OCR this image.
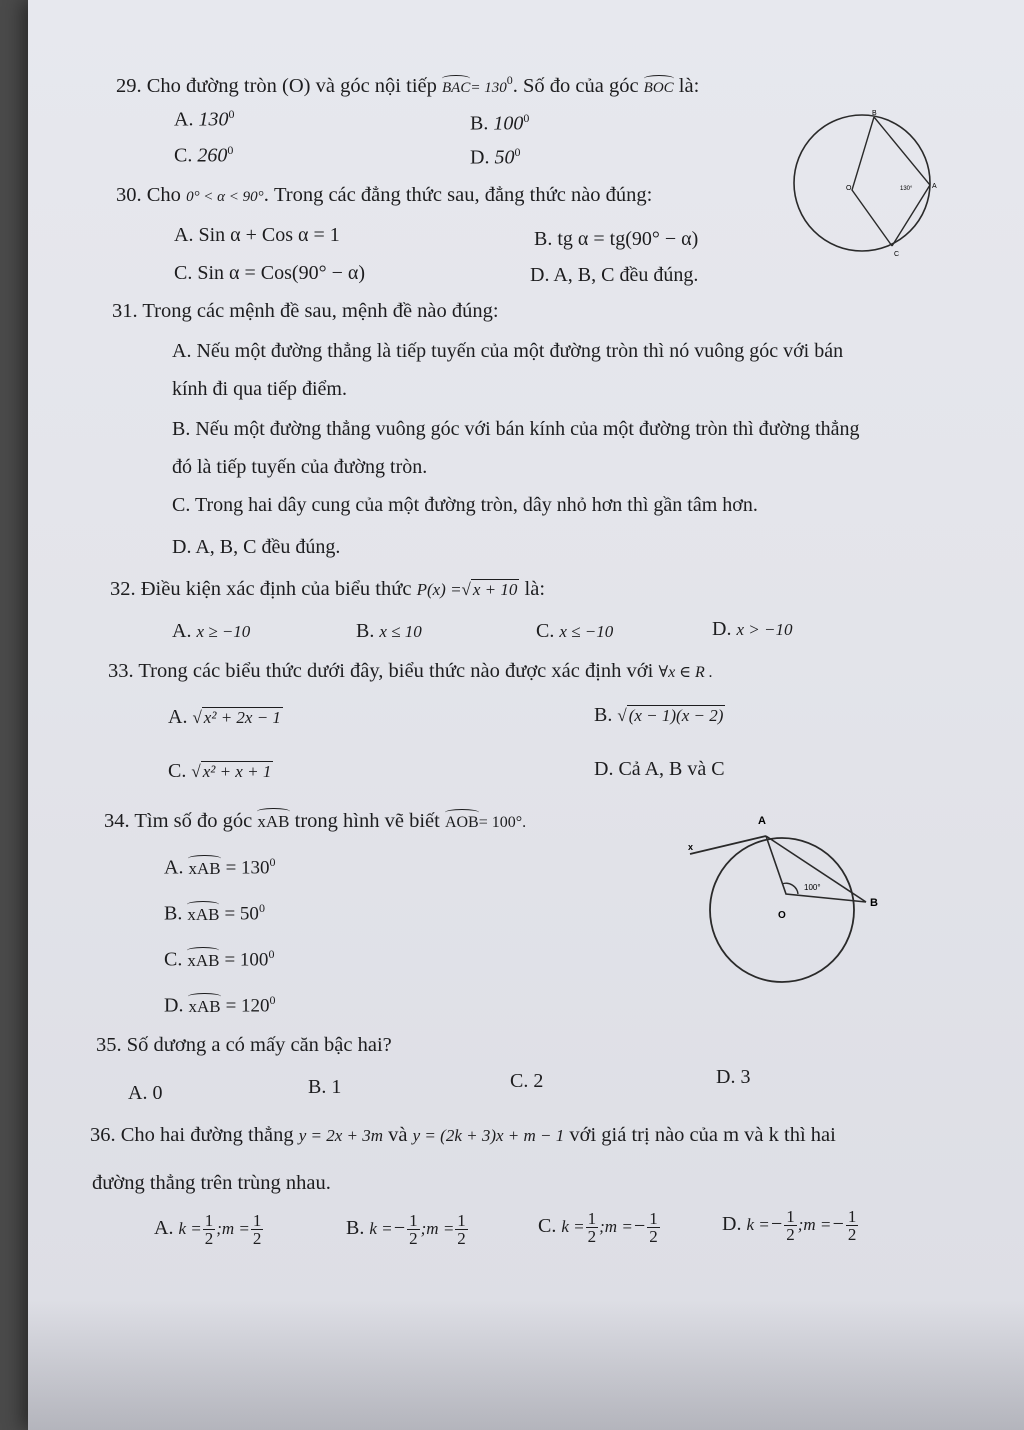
29. Cho đường tròn (O) và góc nội tiếp $BAC= 130^0$. Số đo của góc BOC là:
A. $130^0$	B. $100^0$
C. $260^0$	D. $50^0$
B
A
O
C
130°
30. Cho 0° < α < 90°. Trong các đẳng thức sau, đẳng thức nào đúng:
A. Sin α + Cos α = 1	B. tg α = tg(90° − α)
C. Sin α = Cos(90° − α)	D. A, B, C đều đúng.
31. Trong các mệnh đề sau, mệnh đề nào đúng:
A. Nếu một đường thẳng là tiếp tuyến của một đường tròn thì nó vuông góc với bán
kính đi qua tiếp điểm.
B. Nếu một đường thẳng vuông góc với bán kính của một đường tròn thì đường thẳng
đó là tiếp tuyến của đường tròn.
C. Trong hai dây cung của một đường tròn, dây nhỏ hơn thì gần tâm hơn.
D. A, B, C đều đúng.
32. Điều kiện xác định của biểu thức P(x) =√ x + 10 là:
A. x ≥ −10	B. x ≤ 10	C. x ≤ −10	D. x > −10
33. Trong các biểu thức dưới đây, biểu thức nào được xác định với ∀x ∈ R .
A. √ x² + 2x − 1	B. √ (x − 1)(x − 2)
C. √ x² + x + 1	D. Cả A, B và C
34. Tìm số đo góc xAB trong hình vẽ biết AOB= 100°.
A. xAB = $130^0$
B. xAB = $50^0$
C. xAB = $100^0$
D. xAB = $120^0$
A
x
B
O
100°
35. Số dương a có mấy căn bậc hai?
A. 0	B. 1	C. 2	D. 3
36. Cho hai đường thẳng y = 2x + 3m và y = (2k + 3)x + m − 1 với giá trị nào của m và k thì hai
đường thẳng trên trùng nhau.
A. $k = \frac{1}{2}$ ;m = $\frac{1}{2}$	B. $k =- \frac{1}{2}$ ;m = $\frac{1}{2}$	C. $k = \frac{1}{2}$ ;m =− $\frac{1}{2}$	D. $k =- \frac{1}{2}$ ;m =− $\frac{1}{2}$
